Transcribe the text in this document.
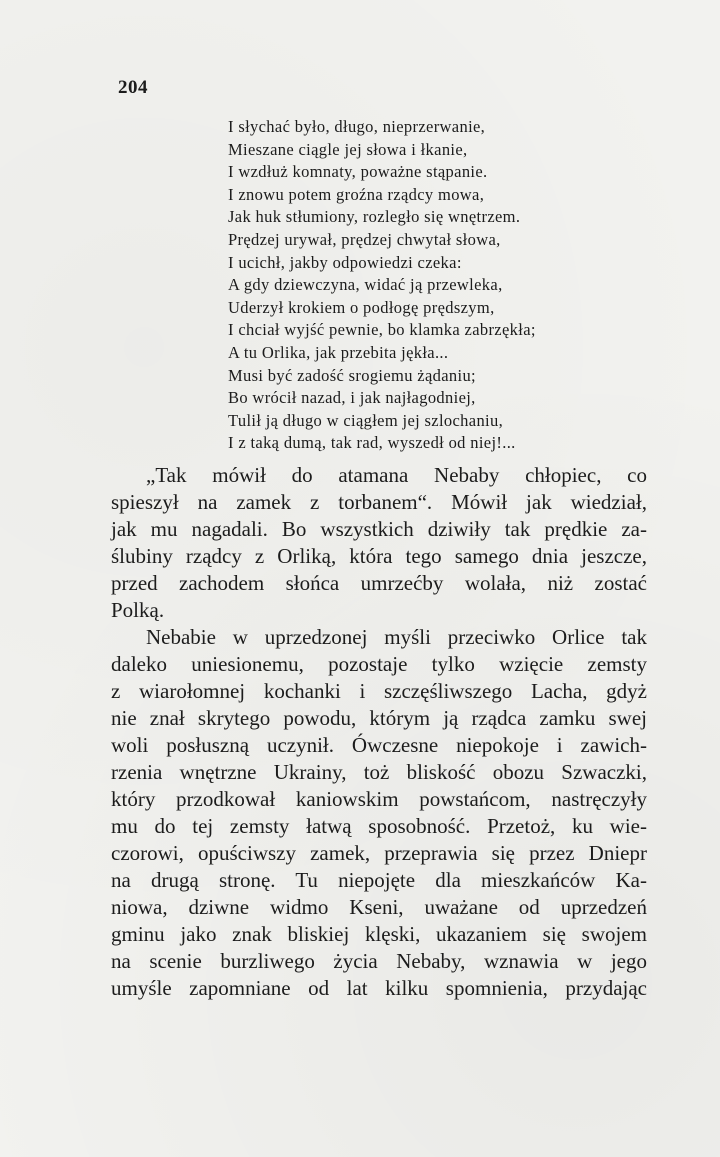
204
I słychać było, długo, nieprzerwanie,
Mieszane ciągle jej słowa i łkanie,
I wzdłuż komnaty, poważne stąpanie.
I znowu potem groźna rządcy mowa,
Jak huk stłumiony, rozległo się wnętrzem.
Prędzej urywał, prędzej chwytał słowa,
I ucichł, jakby odpowiedzi czeka:
A gdy dziewczyna, widać ją przewleka,
Uderzył krokiem o podłogę prędszym,
I chciał wyjść pewnie, bo klamka zabrzękła;
A tu Orlika, jak przebita jękła...
Musi być zadość srogiemu żądaniu;
Bo wrócił nazad, i jak najłagodniej,
Tulił ją długo w ciągłem jej szlochaniu,
I z taką dumą, tak rad, wyszedł od niej!...
„Tak mówił do atamana Nebaby chłopiec, co
spieszył na zamek z torbanem“. Mówił jak wiedział,
jak mu nagadali. Bo wszystkich dziwiły tak prędkie za-
ślubiny rządcy z Orliką, która tego samego dnia jeszcze,
przed zachodem słońca umrzećby wolała, niż zostać
Polką.
Nebabie w uprzedzonej myśli przeciwko Orlice tak
daleko uniesionemu, pozostaje tylko wzięcie zemsty
z wiarołomnej kochanki i szczęśliwszego Lacha, gdyż
nie znał skrytego powodu, którym ją rządca zamku swej
woli posłuszną uczynił. Ówczesne niepokoje i zawich-
rzenia wnętrzne Ukrainy, toż bliskość obozu Szwaczki,
który przodkował kaniowskim powstańcom, nastręczyły
mu do tej zemsty łatwą sposobność. Przetoż, ku wie-
czorowi, opuściwszy zamek, przeprawia się przez Dniepr
na drugą stronę. Tu niepojęte dla mieszkańców Ka-
niowa, dziwne widmo Kseni, uważane od uprzedzeń
gminu jako znak bliskiej klęski, ukazaniem się swojem
na scenie burzliwego życia Nebaby, wznawia w jego
umyśle zapomniane od lat kilku spomnienia, przydając
